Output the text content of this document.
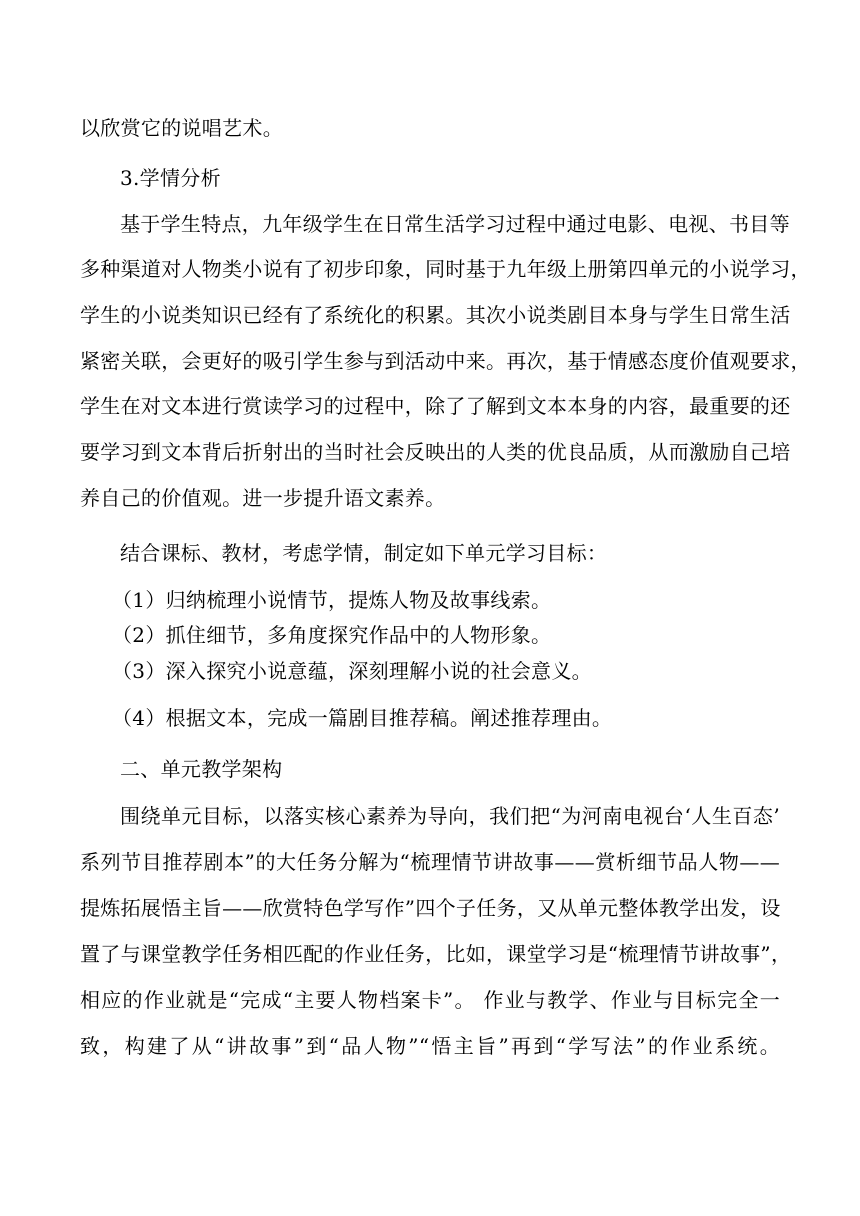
以欣赏它的说唱艺术。
3.学情分析
基于学生特点，九年级学生在日常生活学习过程中通过电影、电视、书目等
多种渠道对人物类小说有了初步印象，同时基于九年级上册第四单元的小说学习，
学生的小说类知识已经有了系统化的积累。其次小说类剧目本身与学生日常生活
紧密关联，会更好的吸引学生参与到活动中来。再次，基于情感态度价值观要求，
学生在对文本进行赏读学习的过程中，除了了解到文本本身的内容，最重要的还
要学习到文本背后折射出的当时社会反映出的人类的优良品质，从而激励自己培
养自己的价值观。进一步提升语文素养。
结合课标、教材，考虑学情，制定如下单元学习目标：
（1）归纳梳理小说情节，提炼人物及故事线索。
（2）抓住细节，多角度探究作品中的人物形象。
（3）深入探究小说意蕴，深刻理解小说的社会意义。
（4）根据文本，完成一篇剧目推荐稿。阐述推荐理由。
二、单元教学架构
围绕单元目标，以落实核心素养为导向，我们把“为河南电视台‘人生百态’
系列节目推荐剧本”的大任务分解为“梳理情节讲故事——赏析细节品人物——
提炼拓展悟主旨——欣赏特色学写作”四个子任务，又从单元整体教学出发，设
置了与课堂教学任务相匹配的作业任务，比如，课堂学习是“梳理情节讲故事”，
相应的作业就是“完成“主要人物档案卡”。 作业与教学、作业与目标完全一
致，构建了从“讲故事”到“品人物”“悟主旨”再到“学写法”的作业系统。
